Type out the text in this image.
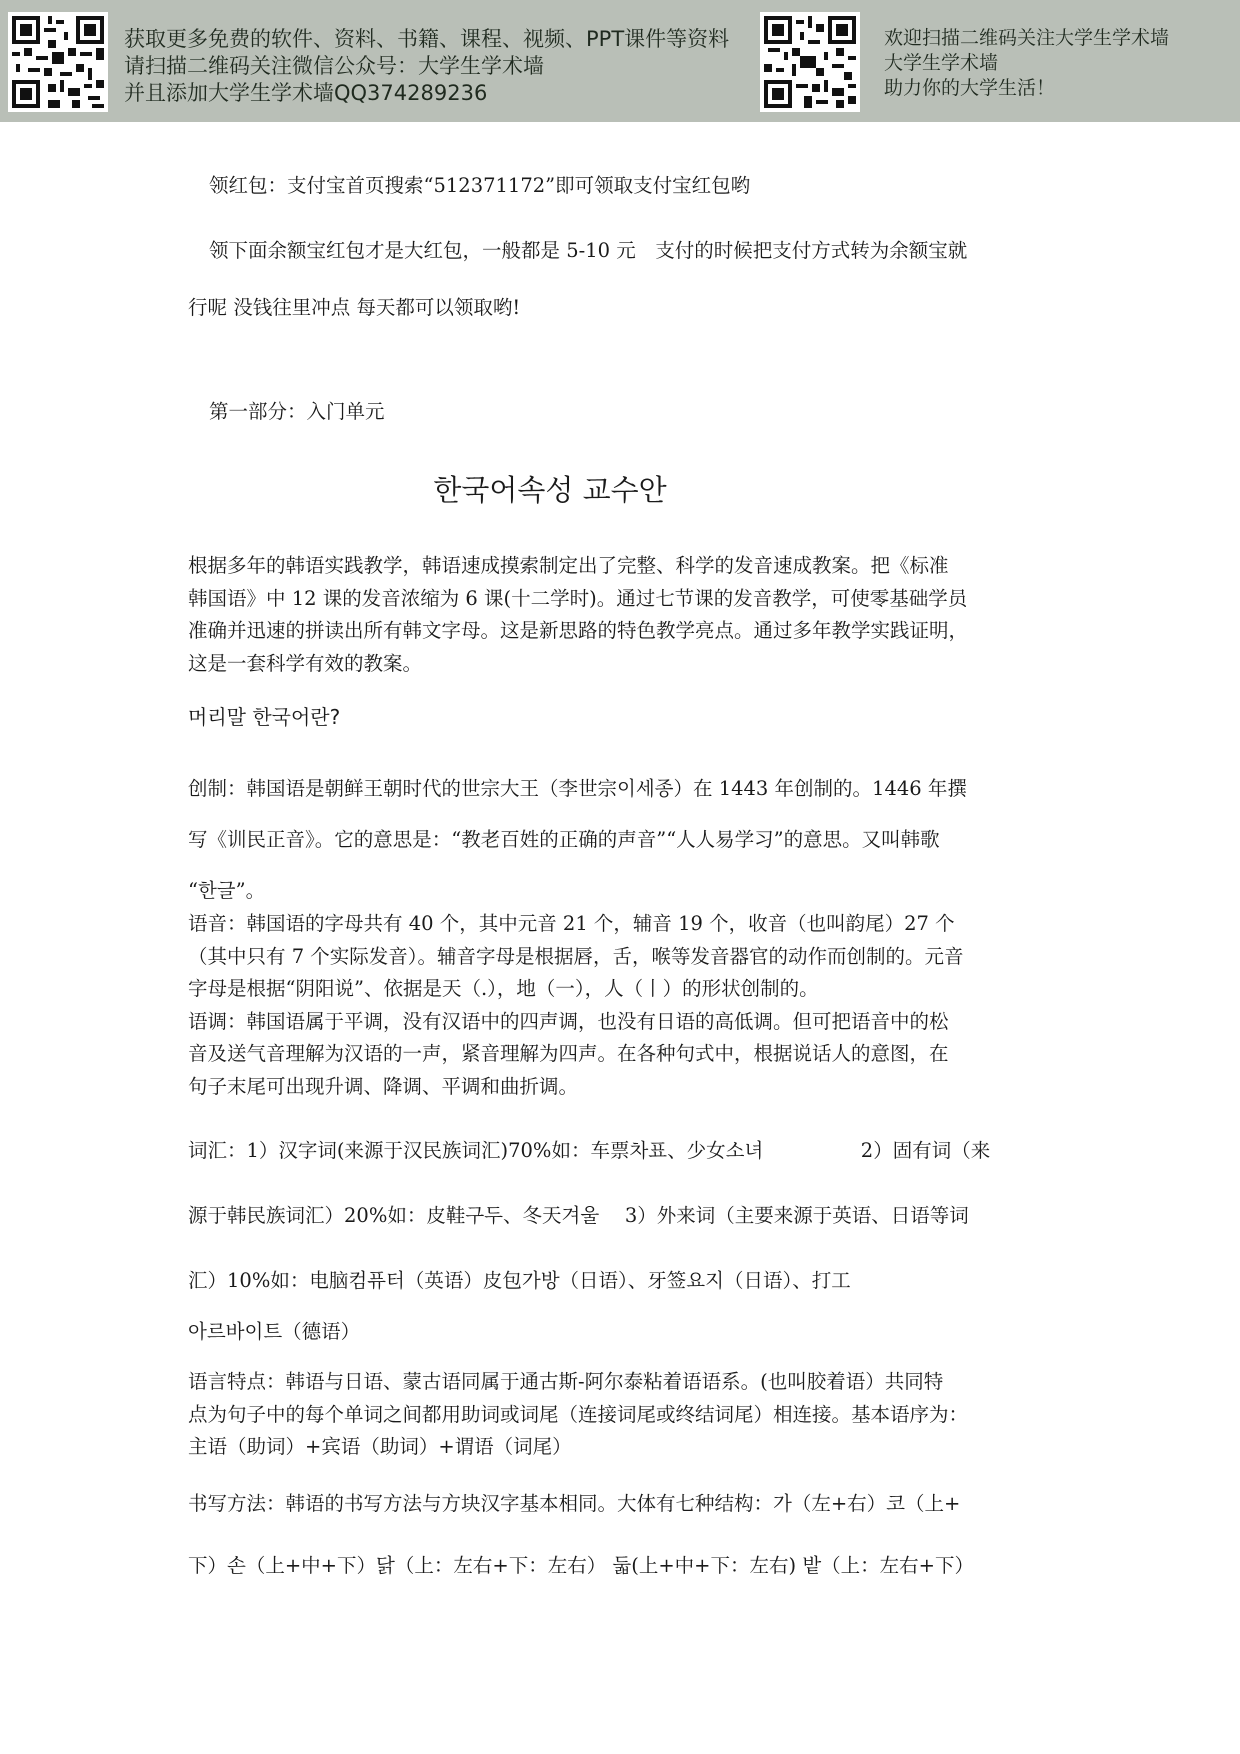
获取更多免费的软件、资料、书籍、课程、视频、PPT课件等资料
请扫描二维码关注微信公众号：大学生学术墙
并且添加大学生学术墙QQ374289236
欢迎扫描二维码关注大学生学术墙
大学生学术墙
助力你的大学生活！
领红包：支付宝首页搜索“512371172”即可领取支付宝红包哟
领下面余额宝红包才是大红包，一般都是 5-10 元　支付的时候把支付方式转为余额宝就
行呢 没钱往里冲点 每天都可以领取哟!
第一部分：入门单元
한국어속성 교수안
根据多年的韩语实践教学，韩语速成摸索制定出了完整、科学的发音速成教案。把《标准
韩国语》中 12 课的发音浓缩为 6 课(十二学时)。通过七节课的发音教学，可使零基础学员
准确并迅速的拼读出所有韩文字母。这是新思路的特色教学亮点。通过多年教学实践证明，
这是一套科学有效的教案。
머리말 한국어란?
创制：韩国语是朝鲜王朝时代的世宗大王（李世宗이세종）在 1443 年创制的。1446 年撰
写《训民正音》。它的意思是：“教老百姓的正确的声音”“人人易学习”的意思。又叫韩歌
“한글”。
语音：韩国语的字母共有 40 个，其中元音 21 个，辅音 19 个，收音（也叫韵尾）27 个
（其中只有 7 个实际发音）。辅音字母是根据唇，舌，喉等发音器官的动作而创制的。元音
字母是根据“阴阳说”、依据是天（.），地（一），人（丨）的形状创制的。
语调：韩国语属于平调，没有汉语中的四声调，也没有日语的高低调。但可把语音中的松
音及送气音理解为汉语的一声，紧音理解为四声。在各种句式中，根据说话人的意图，在
句子末尾可出现升调、降调、平调和曲折调。
词汇：1）汉字词(来源于汉民族词汇)70%如：车票차표、少女소녀　　　　　2）固有词（来
源于韩民族词汇）20%如：皮鞋구두、冬天겨울　 3）外来词（主要来源于英语、日语等词
汇）10%如：电脑컴퓨터（英语）皮包가방（日语）、牙签요지（日语）、打工
아르바이트（德语）
语言特点：韩语与日语、蒙古语同属于通古斯-阿尔泰粘着语语系。(也叫胶着语）共同特
点为句子中的每个单词之间都用助词或词尾（连接词尾或终结词尾）相连接。基本语序为：
主语（助词）+宾语（助词）+谓语（词尾）
书写方法：韩语的书写方法与方块汉字基本相同。大体有七种结构：가（左+右）코（上+
下）손（上+中+下）닭（上：左右+下：左右） 둛(上+中+下：左右) 밭（上：左右+下）
